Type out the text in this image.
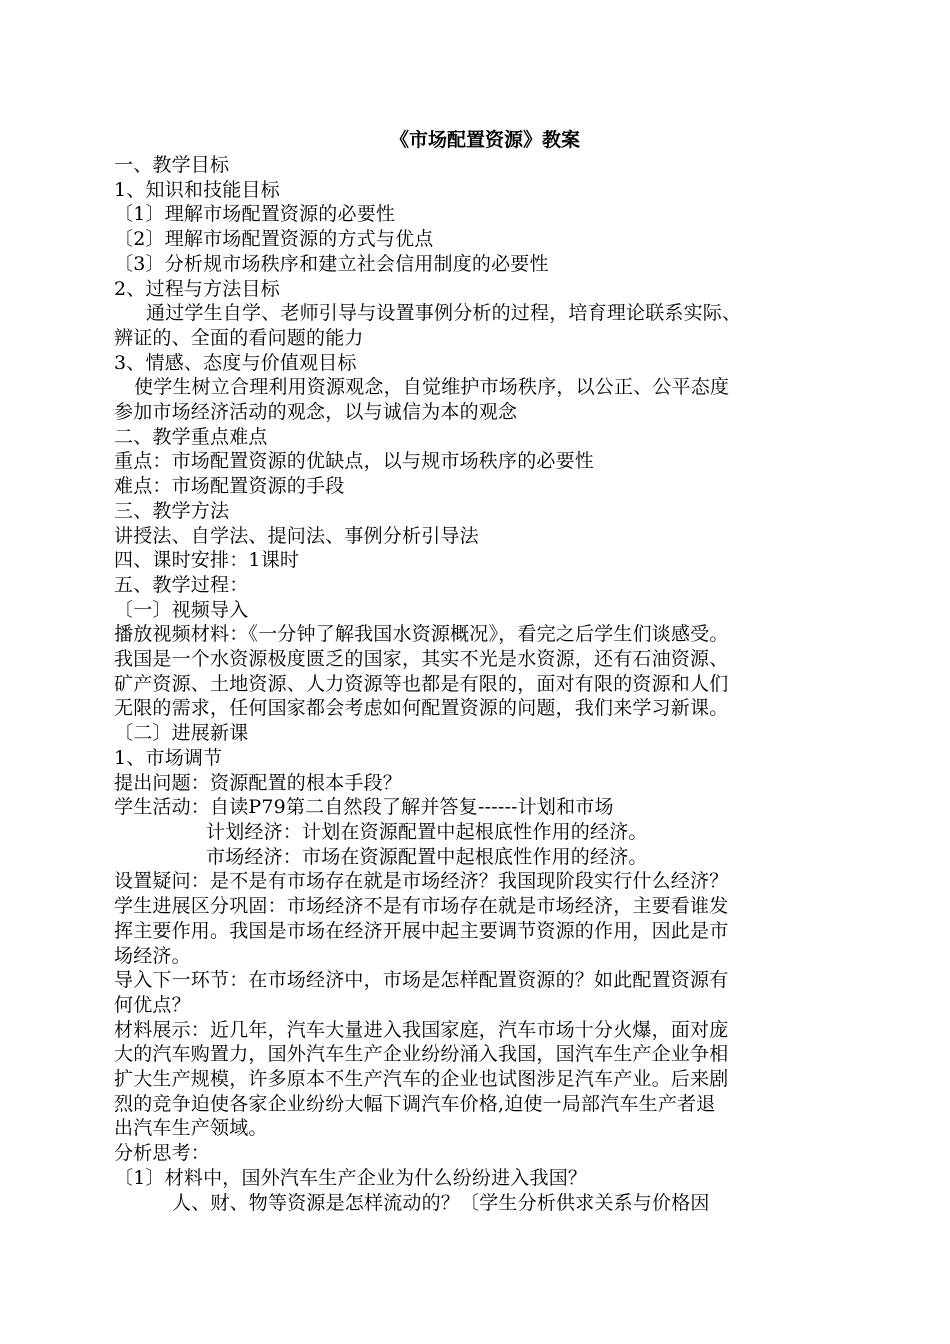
《市场配置资源》教案
一、教学目标
1、知识和技能目标
〔1〕理解市场配置资源的必要性
〔2〕理解市场配置资源的方式与优点
〔3〕分析规市场秩序和建立社会信用制度的必要性
2、过程与方法目标
通过学生自学、老师引导与设置事例分析的过程，培育理论联系实际、
辨证的、全面的看问题的能力
3、情感、态度与价值观目标
使学生树立合理利用资源观念，自觉维护市场秩序，以公正、公平态度
参加市场经济活动的观念，以与诚信为本的观念
二、教学重点难点
重点：市场配置资源的优缺点，以与规市场秩序的必要性
难点：市场配置资源的手段
三、教学方法
讲授法、自学法、提问法、事例分析引导法
四、课时安排：1课时
五、教学过程：
〔一〕视频导入
播放视频材料：《一分钟了解我国水资源概况》，看完之后学生们谈感受。
我国是一个水资源极度匮乏的国家，其实不光是水资源，还有石油资源、
矿产资源、土地资源、人力资源等也都是有限的，面对有限的资源和人们
无限的需求，任何国家都会考虑如何配置资源的问题，我们来学习新课。
〔二〕进展新课
1、市场调节
提出问题：资源配置的根本手段？
学生活动：自读P79第二自然段了解并答复------计划和市场
计划经济：计划在资源配置中起根底性作用的经济。
市场经济：市场在资源配置中起根底性作用的经济。
设置疑问：是不是有市场存在就是市场经济？我国现阶段实行什么经济？
学生进展区分巩固：市场经济不是有市场存在就是市场经济，主要看谁发
挥主要作用。我国是市场在经济开展中起主要调节资源的作用，因此是市
场经济。
导入下一环节：在市场经济中，市场是怎样配置资源的？如此配置资源有
何优点？
材料展示：近几年，汽车大量进入我国家庭，汽车市场十分火爆，面对庞
大的汽车购置力，国外汽车生产企业纷纷涌入我国，国汽车生产企业争相
扩大生产规模，许多原本不生产汽车的企业也试图涉足汽车产业。后来剧
烈的竞争迫使各家企业纷纷大幅下调汽车价格,迫使一局部汽车生产者退
出汽车生产领域。
分析思考：
〔1〕材料中，国外汽车生产企业为什么纷纷进入我国？
人、财、物等资源是怎样流动的？〔学生分析供求关系与价格因
